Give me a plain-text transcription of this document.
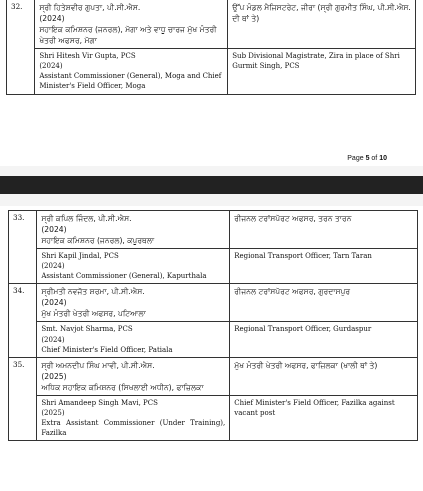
32.	ਸ੍ਰੀ ਹਿਤੇਸ਼ਵੀਰ ਗੁਪਤਾ, ਪੀ.ਸੀ.ਐਸ.
(2024)
ਸਹਾਇਕ ਕਮਿਸ਼ਨਰ (ਜਨਰਲ), ਮੋਗਾ ਅਤੇ ਵਾਧੂ ਚਾਰਜ ਮੁੱਖ ਮੰਤਰੀ ਖੇਤਰੀ ਅਫਸਰ, ਮੋਗਾ	ਉੱਪ ਮੰਡਲ ਮੈਜਿਸਟਰੇਟ, ਜੀਰਾ (ਸ੍ਰੀ ਗੁਰਮੀਤ ਸਿੰਘ, ਪੀ.ਸੀ.ਐਸ. ਦੀ ਥਾਂ ਤੇ)

	Shri Hitesh Vir Gupta, PCS
(2024)
Assistant Commissioner (General), Moga and Chief Minister's Field Officer, Moga	Sub Divisional Magistrate, Zira in place of Shri Gurmit Singh, PCS
Page 5 of 10
33.	ਸ੍ਰੀ ਕਪਿਲ ਜਿੰਦਲ, ਪੀ.ਸੀ.ਐਸ.
(2024)
ਸਹਾਇਕ ਕਮਿਸ਼ਨਰ (ਜਨਰਲ), ਕਪੂਰਥਲਾ	ਰੀਜਨਲ ਟਰਾਂਸਪੋਰਟ ਅਫਸਰ, ਤਰਨ ਤਾਰਨ

	Shri Kapil Jindal, PCS
(2024)
Assistant Commissioner (General), Kapurthala	Regional Transport Officer, Tarn Taran
34.	ਸ੍ਰੀਮਤੀ ਨਵਜੋਤ ਸ਼ਰਮਾ, ਪੀ.ਸੀ.ਐਸ.
(2024)
ਮੁੱਖ ਮੰਤਰੀ ਖੇਤਰੀ ਅਫਸਰ, ਪਟਿਆਲਾ	ਰੀਜਨਲ ਟਰਾਂਸਪੋਰਟ ਅਫਸਰ, ਗੁਰਦਾਸਪੁਰ

	Smt. Navjot Sharma, PCS
(2024)
Chief Minister's Field Officer, Patiala	Regional Transport Officer, Gurdaspur
35.	ਸ੍ਰੀ ਅਮਨਦੀਪ ਸਿੰਘ ਮਾਵੀ, ਪੀ.ਸੀ.ਐਸ.
(2025)
ਅਧਿਕ ਸਹਾਇਕ ਕਮਿਸ਼ਨਰ (ਸਿਖਲਾਈ ਅਧੀਨ), ਫਾਜ਼ਿਲਕਾ	ਮੁੱਖ ਮੰਤਰੀ ਖੇਤਰੀ ਅਫਸਰ, ਫਾਜ਼ਿਲਕਾ (ਖਾਲੀ ਥਾਂ ਤੇ)

	Shri Amandeep Singh Mavi, PCS
(2025)
Extra Assistant Commissioner (Under Training), Fazilka	Chief Minister's Field Officer, Fazilka against vacant post
